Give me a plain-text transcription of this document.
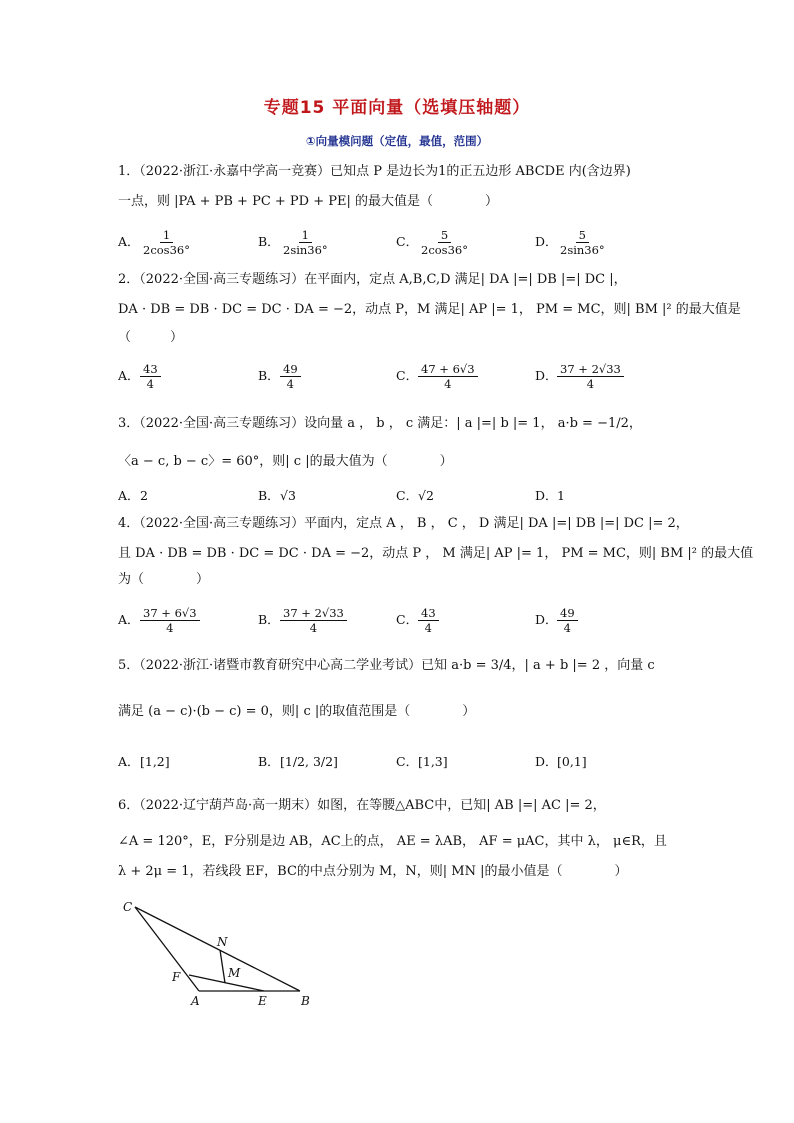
专题15 平面向量（选填压轴题）
①向量模问题（定值，最值，范围）
1．（2022·浙江·永嘉中学高一竞赛）已知点 P 是边长为1的正五边形 ABCDE 内(含边界)
一点，则 |PA + PB + PC + PD + PE| 的最大值是（　　　　）
A． $\frac{1}{2\cos 36^\circ}$	B． $\frac{1}{2\sin 36^\circ}$	C． $\frac{5}{2\cos 36^\circ}$	D． $\frac{5}{2\sin 36^\circ}$
2．（2022·全国·高三专题练习）在平面内，定点 A,B,C,D 满足| DA |=| DB |=| DC |，
DA · DB = DB · DC = DC · DA = −2，动点 P，M 满足| AP |= 1， PM = MC，则| BM |² 的最大值是
（　　　）
A． $\frac{43}{4}$	B． $\frac{49}{4}$	C． $\frac{47 + 6√3}{4}$	D． $\frac{37 + 2√33}{4}$
3．（2022·全国·高三专题练习）设向量 a ， b ， c 满足：| a |=| b |= 1， a·b = −1/2，
〈a − c, b − c〉= 60°，则| c |的最大值为（　　　　）
A．2	B．√3	C．√2	D．1
4．（2022·全国·高三专题练习）平面内，定点 A ， B ， C ， D 满足| DA |=| DB |=| DC |= 2，
且 DA · DB = DB · DC = DC · DA = −2，动点 P ， M 满足| AP |= 1， PM = MC，则| BM |² 的最大值
为（　　　　）
A． $\frac{37 + 6√3}{4}$	B． $\frac{37 + 2√33}{4}$	C． $\frac{43}{4}$	D． $\frac{49}{4}$
5．（2022·浙江·诸暨市教育研究中心高二学业考试）已知 a·b = 3/4，| a + b |= 2 ，向量 c
满足 (a − c)·(b − c) = 0，则| c |的取值范围是（　　　　）
A．[1,2]	B．[1/2, 3/2]	C．[1,3]	D．[0,1]
6．（2022·辽宁葫芦岛·高一期末）如图，在等腰△ABC中，已知| AB |=| AC |= 2，
∠A = 120°，E，F分别是边 AB，AC上的点， AE = λAB， AF = μAC，其中 λ， μ∈R，且
λ + 2μ = 1，若线段 EF，BC的中点分别为 M，N，则| MN |的最小值是（　　　　）
C
N
M
F
A	E	B
